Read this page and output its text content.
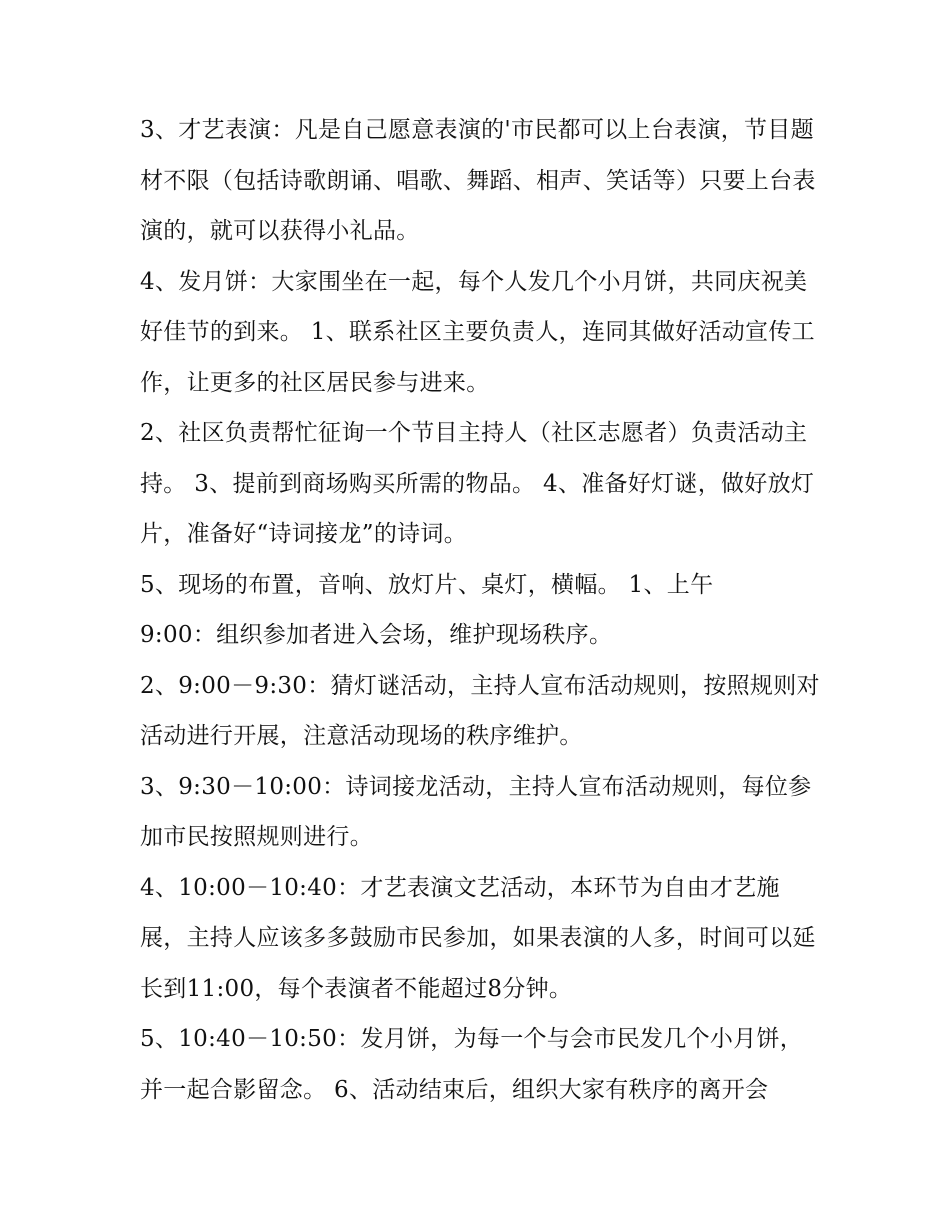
3、才艺表演：凡是自己愿意表演的'市民都可以上台表演，节目题材不限（包括诗歌朗诵、唱歌、舞蹈、相声、笑话等）只要上台表演的，就可以获得小礼品。

4、发月饼：大家围坐在一起，每个人发几个小月饼，共同庆祝美好佳节的到来。 1、联系社区主要负责人，连同其做好活动宣传工作，让更多的社区居民参与进来。

2、社区负责帮忙征询一个节目主持人（社区志愿者）负责活动主持。 3、提前到商场购买所需的物品。 4、准备好灯谜，做好放灯片，准备好“诗词接龙”的诗词。

5、现场的布置，音响、放灯片、桌灯，横幅。 1、上午
9:00：组织参加者进入会场，维护现场秩序。

2、9:00－9:30：猜灯谜活动，主持人宣布活动规则，按照规则对活动进行开展，注意活动现场的秩序维护。

3、9:30－10:00：诗词接龙活动，主持人宣布活动规则，每位参加市民按照规则进行。

4、10:00－10:40：才艺表演文艺活动，本环节为自由才艺施展，主持人应该多多鼓励市民参加，如果表演的人多，时间可以延长到11:00，每个表演者不能超过8分钟。

5、10:40－10:50：发月饼，为每一个与会市民发几个小月饼，并一起合影留念。 6、活动结束后，组织大家有秩序的离开会
